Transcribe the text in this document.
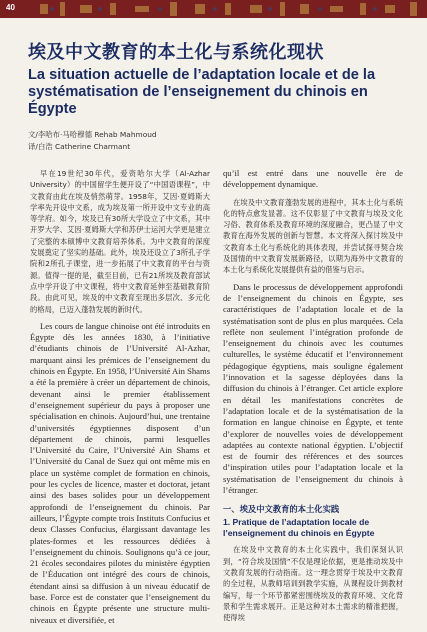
40
埃及中文教育的本土化与系统化现状
La situation actuelle de l’adaptation locale et de la systématisation de l’enseignement du chinois en Égypte
文/李哈布·马哈穆德 Rehab Mahmoud
译/白浩 Catherine Charmant

早在19世纪30年代，爱资哈尔大学（Al-Azhar University）的中国留学生便开设了“中国语课程”，中文教育由此在埃及悄然萌芽。1958年，艾因·夏姆斯大学率先开设中文系，成为埃及第一所开设中文专业的高等学府。如今，埃及已有30所大学设立了中文系，其中开罗大学、艾因·夏姆斯大学和苏伊士运河大学更是建立了完整的本硕博中文教育培养体系。为中文教育的深度发展奠定了坚实的基础。此外，埃及还设立了3所孔子学院和2所孔子课堂，进一步拓展了中文教育的平台与资源。值得一提的是，截至目前，已有21所埃及教育部试点中学开设了中文课程，将中文教育延伸至基础教育阶段。由此可见，埃及的中文教育至现出多层次、多元化的格局，已迈入蓬勃发展的新时代。

Les cours de langue chinoise ont été introduits en Égypte dès les années 1830, à l’initiative d’étudiants chinois de l’Université Al-Azhar, marquant ainsi les prémices de l’enseignement du chinois en Égypte. En 1958, l’Université Ain Shams a été la première à créer un département de chinois, devenant ainsi le premier établissement d’enseignement supérieur du pays à proposer une spécialisation en chinois. Aujourd’hui, une trentaine d’universités égyptiennes disposent d’un département de chinois, parmi lesquelles l’Université du Caire, l’Université Ain Shams et l’Université du Canal de Suez qui ont même mis en place un système complet de formation en chinois, pour les cycles de licence, master et doctorat, jetant ainsi des bases solides pour un développement approfondi de l’enseignement du chinois. Par ailleurs, l’Égypte compte trois Instituts Confucius et deux Classes Confucius, élargissant davantage les plates-formes et les ressources dédiées à l’enseignement du chinois. Soulignons qu’à ce jour, 21 écoles secondaires pilotes du ministère égyptien de l’Éducation ont intégré des cours de chinois, étendant ainsi sa diffusion à un niveau éducatif de base. Force est de constater que l’enseignement du chinois en Égypte présente une structure multi-niveaux et diversifiée, et

qu’il est entré dans une nouvelle ère de développement dynamique.

在埃及中文教育蓬勃发展的进程中，其本土化与系统化的特点愈发显著。这不仅彰显了中文教育与埃及文化习俗、教育体系及教育环境的深度融合，更凸显了中文教育在海外发展的创新与智慧。本文将深入探讨埃及中文教育本土化与系统化的具体表现，并尝试探寻契合埃及国情的中文教育发展新路径，以期为海外中文教育的本土化与系统化发展提供有益的借鉴与启示。

Dans le processus de développement approfondi de l’enseignement du chinois en Égypte, ses caractéristiques de l’adaptation locale et de la systématisation sont de plus en plus marquées. Cela reflète non seulement l’intégration profonde de l’enseignement du chinois avec les coutumes culturelles, le système éducatif et l’environnement pédagogique égyptiens, mais souligne également l’innovation et la sagesse déployées dans la diffusion du chinois à l’étranger. Cet article explore en détail les manifestations concrètes de l’adaptation locale et de la systématisation de la formation en langue chinoise en Égypte, et tente d’explorer de nouvelles voies de développement adaptées au contexte national égyptien. L’objectif est de fournir des références et des sources d’inspiration utiles pour l’adaptation locale et la systématisation de l’enseignement du chinois à l’étranger.

一、埃及中文教育的本土化实践
1. Pratique de l’adaptation locale de l’enseignement du chinois en Égypte

在埃及中文教育的本土化实践中，我们深刻认识到，“符合埃及国情”不仅是理论依据，更是推动埃及中文教育发展的行动指南。这一理念贯穿于埃及中文教育的全过程，从教师培训到教学实施，从课程设计到教材编写，每一个环节都紧密围绕埃及的教育环境、文化背景和学生需求展开。正是这种对本土需求的精准把握，使得埃
